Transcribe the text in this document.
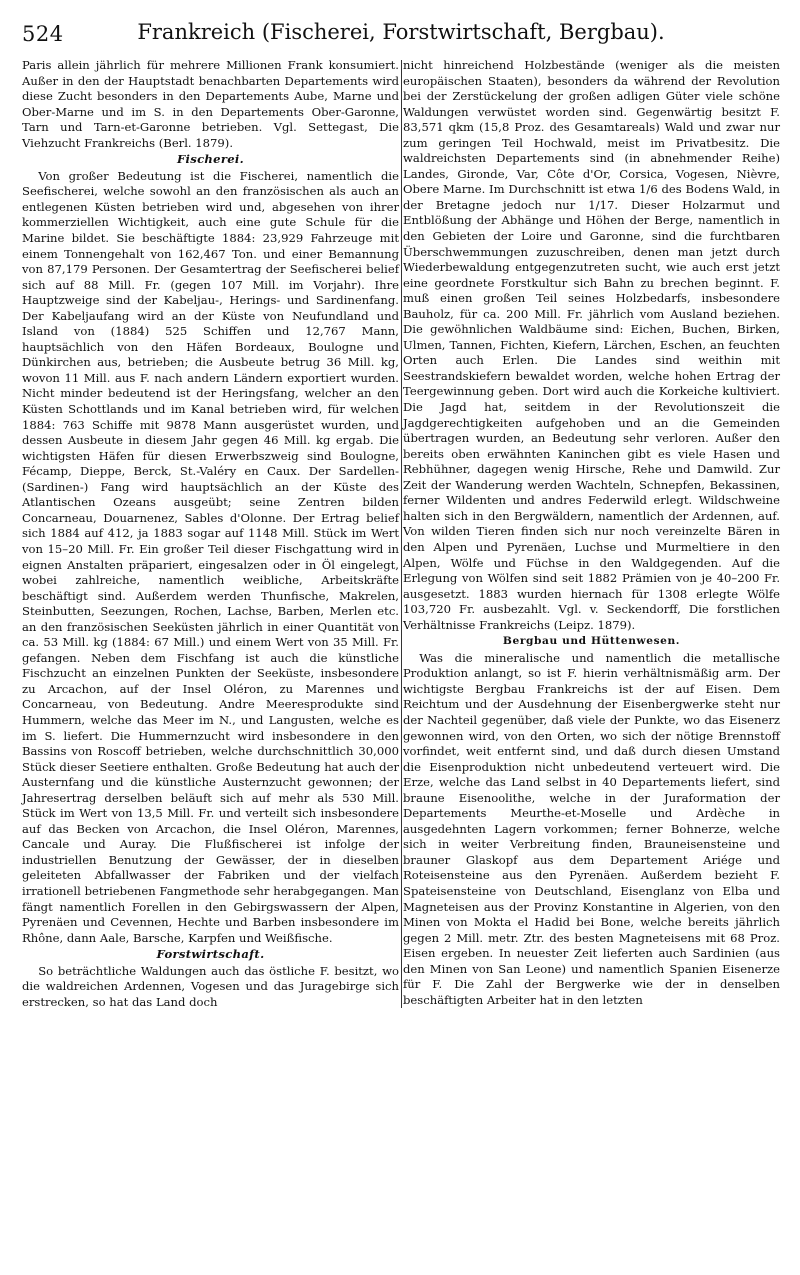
524	Frankreich (Fischerei, Forstwirtschaft, Bergbau).

Paris allein jährlich für mehrere Millionen Frank konsumiert. Außer in den der Hauptstadt benachbarten Departements wird diese Zucht besonders in den Departements Aube, Marne und Ober-Marne und im S. in den Departements Ober-Garonne, Tarn und Tarn-et-Garonne betrieben. Vgl. Settegast, Die Viehzucht Frankreichs (Berl. 1879).

Fischerei.

Von großer Bedeutung ist die Fischerei, namentlich die Seefischerei, welche sowohl an den französischen als auch an entlegenen Küsten betrieben wird und, abgesehen von ihrer kommerziellen Wichtigkeit, auch eine gute Schule für die Marine bildet. Sie beschäftigte 1884: 23,929 Fahrzeuge mit einem Tonnengehalt von 162,467 Ton. und einer Bemannung von 87,179 Personen. Der Gesamtertrag der Seefischerei belief sich auf 88 Mill. Fr. (gegen 107 Mill. im Vorjahr). Ihre Hauptzweige sind der Kabeljau-, Herings- und Sardinenfang. Der Kabeljaufang wird an der Küste von Neufundland und Island von (1884) 525 Schiffen und 12,767 Mann, hauptsächlich von den Häfen Bordeaux, Boulogne und Dünkirchen aus, betrieben; die Ausbeute betrug 36 Mill. kg, wovon 11 Mill. aus F. nach andern Ländern exportiert wurden. Nicht minder bedeutend ist der Heringsfang, welcher an den Küsten Schottlands und im Kanal betrieben wird, für welchen 1884: 763 Schiffe mit 9878 Mann ausgerüstet wurden, und dessen Ausbeute in diesem Jahr gegen 46 Mill. kg ergab. Die wichtigsten Häfen für diesen Erwerbszweig sind Boulogne, Fécamp, Dieppe, Berck, St.-Valéry en Caux. Der Sardellen- (Sardinen-) Fang wird hauptsächlich an der Küste des Atlantischen Ozeans ausgeübt; seine Zentren bilden Concarneau, Douarnenez, Sables d'Olonne. Der Ertrag belief sich 1884 auf 412, ja 1883 sogar auf 1148 Mill. Stück im Wert von 15–20 Mill. Fr. Ein großer Teil dieser Fischgattung wird in eignen Anstalten präpariert, eingesalzen oder in Öl eingelegt, wobei zahlreiche, namentlich weibliche, Arbeitskräfte beschäftigt sind. Außerdem werden Thunfische, Makrelen, Steinbutten, Seezungen, Rochen, Lachse, Barben, Merlen etc. an den französischen Seeküsten jährlich in einer Quantität von ca. 53 Mill. kg (1884: 67 Mill.) und einem Wert von 35 Mill. Fr. gefangen. Neben dem Fischfang ist auch die künstliche Fischzucht an einzelnen Punkten der Seeküste, insbesondere zu Arcachon, auf der Insel Oléron, zu Marennes und Concarneau, von Bedeutung. Andre Meeresprodukte sind Hummern, welche das Meer im N., und Langusten, welche es im S. liefert. Die Hummernzucht wird insbesondere in den Bassins von Roscoff betrieben, welche durchschnittlich 30,000 Stück dieser Seetiere enthalten. Große Bedeutung hat auch der Austernfang und die künstliche Austernzucht gewonnen; der Jahresertrag derselben beläuft sich auf mehr als 530 Mill. Stück im Wert von 13,5 Mill. Fr. und verteilt sich insbesondere auf das Becken von Arcachon, die Insel Oléron, Marennes, Cancale und Auray. Die Flußfischerei ist infolge der industriellen Benutzung der Gewässer, der in dieselben geleiteten Abfallwasser der Fabriken und der vielfach irrationell betriebenen Fangmethode sehr herabgegangen. Man fängt namentlich Forellen in den Gebirgswassern der Alpen, Pyrenäen und Cevennen, Hechte und Barben insbesondere im Rhône, dann Aale, Barsche, Karpfen und Weißfische.

Forstwirtschaft.

So beträchtliche Waldungen auch das östliche F. besitzt, wo die waldreichen Ardennen, Vogesen und das Juragebirge sich erstrecken, so hat das Land doch

nicht hinreichend Holzbestände (weniger als die meisten europäischen Staaten), besonders da während der Revolution bei der Zerstückelung der großen adligen Güter viele schöne Waldungen verwüstet worden sind. Gegenwärtig besitzt F. 83,571 qkm (15,8 Proz. des Gesamtareals) Wald und zwar nur zum geringen Teil Hochwald, meist im Privatbesitz. Die waldreichsten Departements sind (in abnehmender Reihe) Landes, Gironde, Var, Côte d'Or, Corsica, Vogesen, Nièvre, Obere Marne. Im Durchschnitt ist etwa 1/6 des Bodens Wald, in der Bretagne jedoch nur 1/17. Dieser Holzarmut und Entblößung der Abhänge und Höhen der Berge, namentlich in den Gebieten der Loire und Garonne, sind die furchtbaren Überschwemmungen zuzuschreiben, denen man jetzt durch Wiederbewaldung entgegenzutreten sucht, wie auch erst jetzt eine geordnete Forstkultur sich Bahn zu brechen beginnt. F. muß einen großen Teil seines Holzbedarfs, insbesondere Bauholz, für ca. 200 Mill. Fr. jährlich vom Ausland beziehen. Die gewöhnlichen Waldbäume sind: Eichen, Buchen, Birken, Ulmen, Tannen, Fichten, Kiefern, Lärchen, Eschen, an feuchten Orten auch Erlen. Die Landes sind weithin mit Seestrandskiefern bewaldet worden, welche hohen Ertrag der Teergewinnung geben. Dort wird auch die Korkeiche kultiviert. Die Jagd hat, seitdem in der Revolutionszeit die Jagdgerechtigkeiten aufgehoben und an die Gemeinden übertragen wurden, an Bedeutung sehr verloren. Außer den bereits oben erwähnten Kaninchen gibt es viele Hasen und Rebhühner, dagegen wenig Hirsche, Rehe und Damwild. Zur Zeit der Wanderung werden Wachteln, Schnepfen, Bekassinen, ferner Wildenten und andres Federwild erlegt. Wildschweine halten sich in den Bergwäldern, namentlich der Ardennen, auf. Von wilden Tieren finden sich nur noch vereinzelte Bären in den Alpen und Pyrenäen, Luchse und Murmeltiere in den Alpen, Wölfe und Füchse in den Waldgegenden. Auf die Erlegung von Wölfen sind seit 1882 Prämien von je 40–200 Fr. ausgesetzt. 1883 wurden hiernach für 1308 erlegte Wölfe 103,720 Fr. ausbezahlt. Vgl. v. Seckendorff, Die forstlichen Verhältnisse Frankreichs (Leipz. 1879).

Bergbau und Hüttenwesen.

Was die mineralische und namentlich die metallische Produktion anlangt, so ist F. hierin verhältnismäßig arm. Der wichtigste Bergbau Frankreichs ist der auf Eisen. Dem Reichtum und der Ausdehnung der Eisenbergwerke steht nur der Nachteil gegenüber, daß viele der Punkte, wo das Eisenerz gewonnen wird, von den Orten, wo sich der nötige Brennstoff vorfindet, weit entfernt sind, und daß durch diesen Umstand die Eisenproduktion nicht unbedeutend verteuert wird. Die Erze, welche das Land selbst in 40 Departements liefert, sind braune Eisenoolithe, welche in der Juraformation der Departements Meurthe-et-Moselle und Ardèche in ausgedehnten Lagern vorkommen; ferner Bohnerze, welche sich in weiter Verbreitung finden, Brauneisensteine und brauner Glaskopf aus dem Departement Ariége und Roteisensteine aus den Pyrenäen. Außerdem bezieht F. Spateisensteine von Deutschland, Eisenglanz von Elba und Magneteisen aus der Provinz Konstantine in Algerien, von den Minen von Mokta el Hadid bei Bone, welche bereits jährlich gegen 2 Mill. metr. Ztr. des besten Magneteisens mit 68 Proz. Eisen ergeben. In neuester Zeit lieferten auch Sardinien (aus den Minen von San Leone) und namentlich Spanien Eisenerze für F. Die Zahl der Bergwerke wie der in denselben beschäftigten Arbeiter hat in den letzten
